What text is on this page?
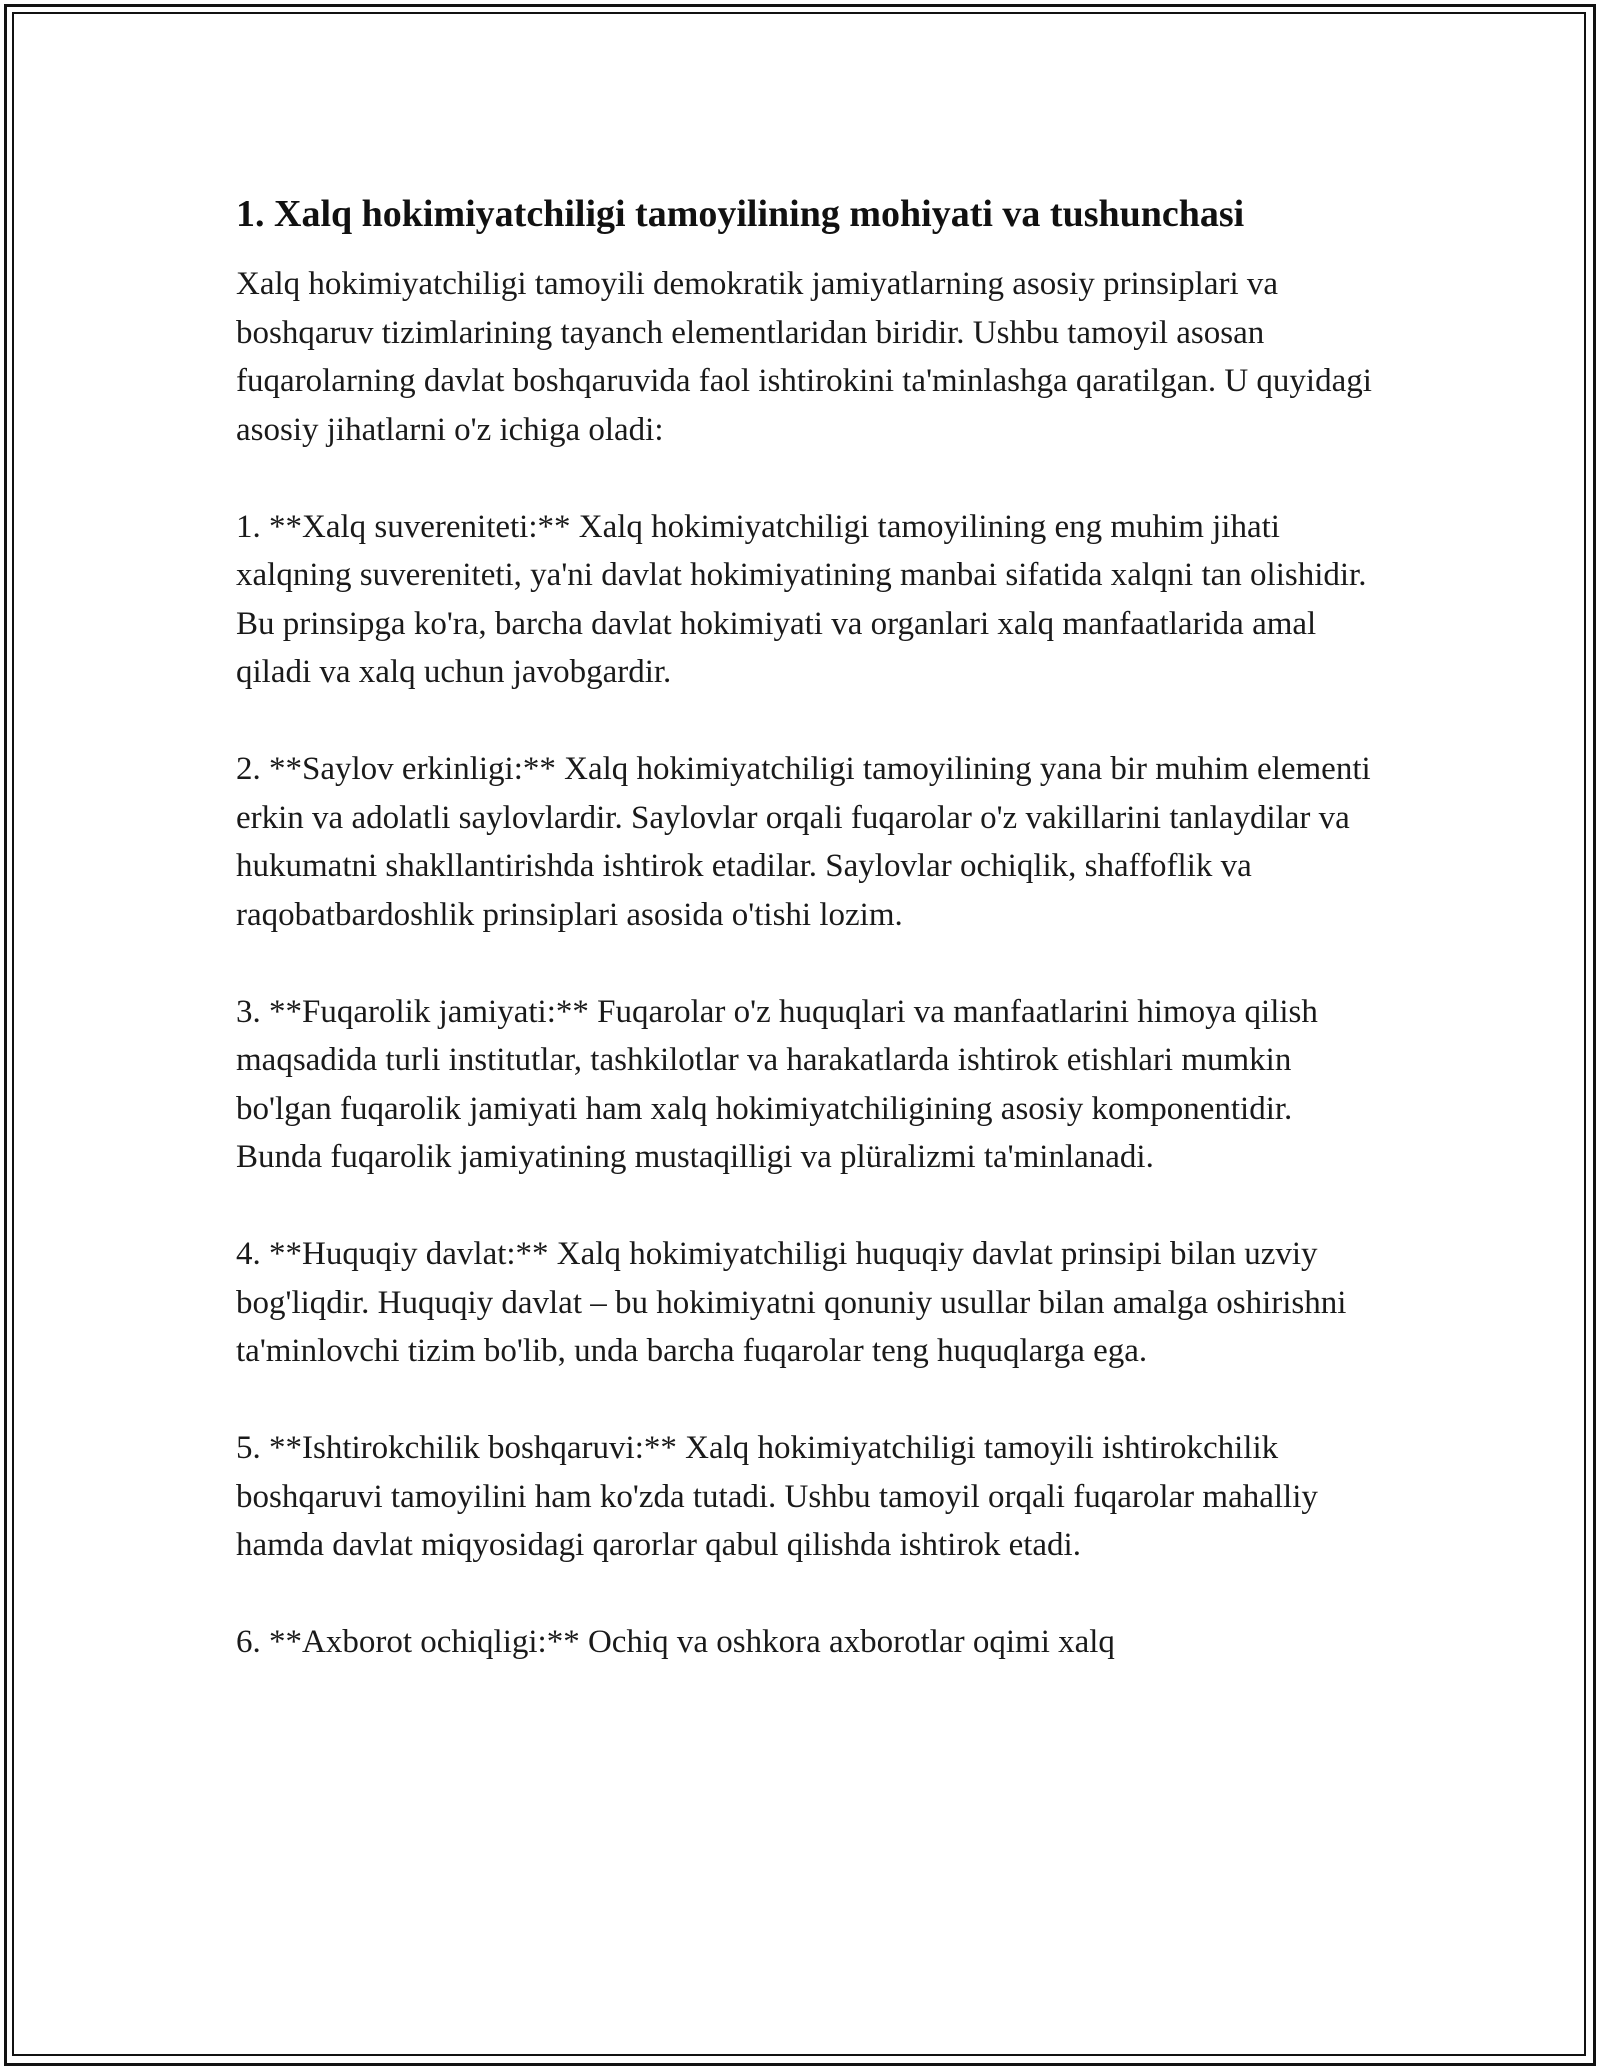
1. Xalq hokimiyatchiligi tamoyilining mohiyati va tushunchasi

Xalq hokimiyatchiligi tamoyili demokratik jamiyatlarning asosiy prinsiplari va boshqaruv tizimlarining tayanch elementlaridan biridir. Ushbu tamoyil asosan fuqarolarning davlat boshqaruvida faol ishtirokini ta'minlashga qaratilgan. U quyidagi asosiy jihatlarni o'z ichiga oladi:

1. **Xalq suvereniteti:** Xalq hokimiyatchiligi tamoyilining eng muhim jihati xalqning suvereniteti, ya'ni davlat hokimiyatining manbai sifatida xalqni tan olishidir. Bu prinsipga ko'ra, barcha davlat hokimiyati va organlari xalq manfaatlarida amal qiladi va xalq uchun javobgardir.

2. **Saylov erkinligi:** Xalq hokimiyatchiligi tamoyilining yana bir muhim elementi erkin va adolatli saylovlardir. Saylovlar orqali fuqarolar o'z vakillarini tanlaydilar va hukumatni shakllantirishda ishtirok etadilar. Saylovlar ochiqlik, shaffoflik va raqobatbardoshlik prinsiplari asosida o'tishi lozim.

3. **Fuqarolik jamiyati:** Fuqarolar o'z huquqlari va manfaatlarini himoya qilish maqsadida turli institutlar, tashkilotlar va harakatlarda ishtirok etishlari mumkin bo'lgan fuqarolik jamiyati ham xalq hokimiyatchiligining asosiy komponentidir. Bunda fuqarolik jamiyatining mustaqilligi va plüralizmi ta'minlanadi.

4. **Huquqiy davlat:** Xalq hokimiyatchiligi huquqiy davlat prinsipi bilan uzviy bog'liqdir. Huquqiy davlat – bu hokimiyatni qonuniy usullar bilan amalga oshirishni ta'minlovchi tizim bo'lib, unda barcha fuqarolar teng huquqlarga ega.

5. **Ishtirokchilik boshqaruvi:** Xalq hokimiyatchiligi tamoyili ishtirokchilik boshqaruvi tamoyilini ham ko'zda tutadi. Ushbu tamoyil orqali fuqarolar mahalliy hamda davlat miqyosidagi qarorlar qabul qilishda ishtirok etadi.

6. **Axborot ochiqligi:** Ochiq va oshkora axborotlar oqimi xalq
